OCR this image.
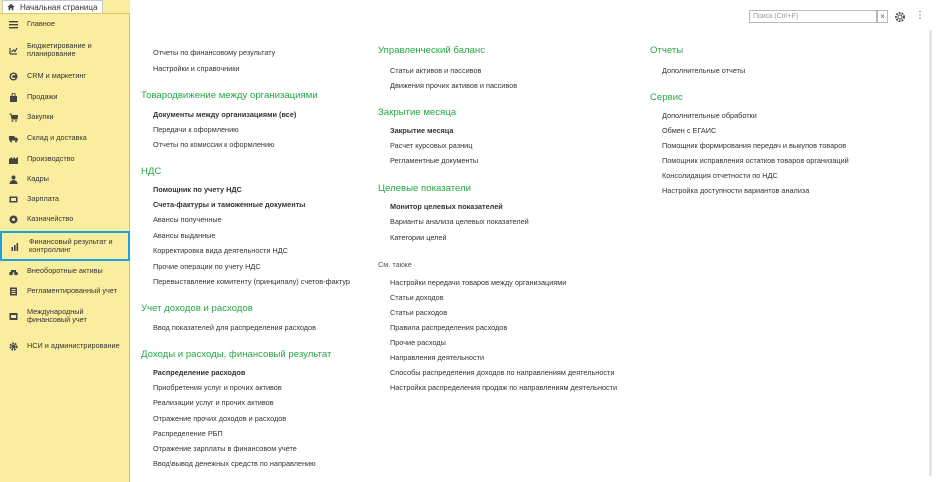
Начальная страница
Главное
Бюджетирование и планирование
CRM и маркетинг
Продажи
Закупки
Склад и доставка
Производство
Кадры
Зарплата
Казначейство
Финансовый результат и контроллинг
Внеоборотные активы
Регламентированный учет
Международный финансовый учет
НСИ и администрирование
Поиск (Ctrl+F)	×	⋮
Отчеты по финансовому результату
Настройки и справочники
Товародвижение между организациями
Документы между организациями (все)
Передачи к оформлению
Отчеты по комиссии к оформлению
НДС
Помощник по учету НДС
Счета-фактуры и таможенные документы
Авансы полученные
Авансы выданные
Корректировка вида деятельности НДС
Прочие операции по учету НДС
Перевыставление комитенту (принципалу) счетов-фактур
Учет доходов и расходов
Ввод показателей для распределения расходов
Доходы и расходы, финансовый результат
Распределение расходов
Приобретения услуг и прочих активов
Реализации услуг и прочих активов
Отражение прочих доходов и расходов
Распределение РБП
Отражение зарплаты в финансовом учете
Ввод\вывод денежных средств по направлению
Управленческий баланс
Статьи активов и пассивов
Движения прочих активов и пассивов
Закрытие месяца
Закрытие месяца
Расчет курсовых разниц
Регламентные документы
Целевые показатели
Монитор целевых показателей
Варианты анализа целевых показателей
Категории целей
См. также
Настройки передачи товаров между организациями
Статьи доходов
Статьи расходов
Правила распределения расходов
Прочие расходы
Направления деятельности
Способы распределения доходов по направлениям деятельности
Настройка распределения продаж по направлениям деятельности
Отчеты
Дополнительные отчеты
Сервис
Дополнительные обработки
Обмен с ЕГАИС
Помощник формирования передач и выкупов товаров
Помощник исправления остатков товаров организаций
Консолидация отчетности по НДС
Настройка доступности вариантов анализа
